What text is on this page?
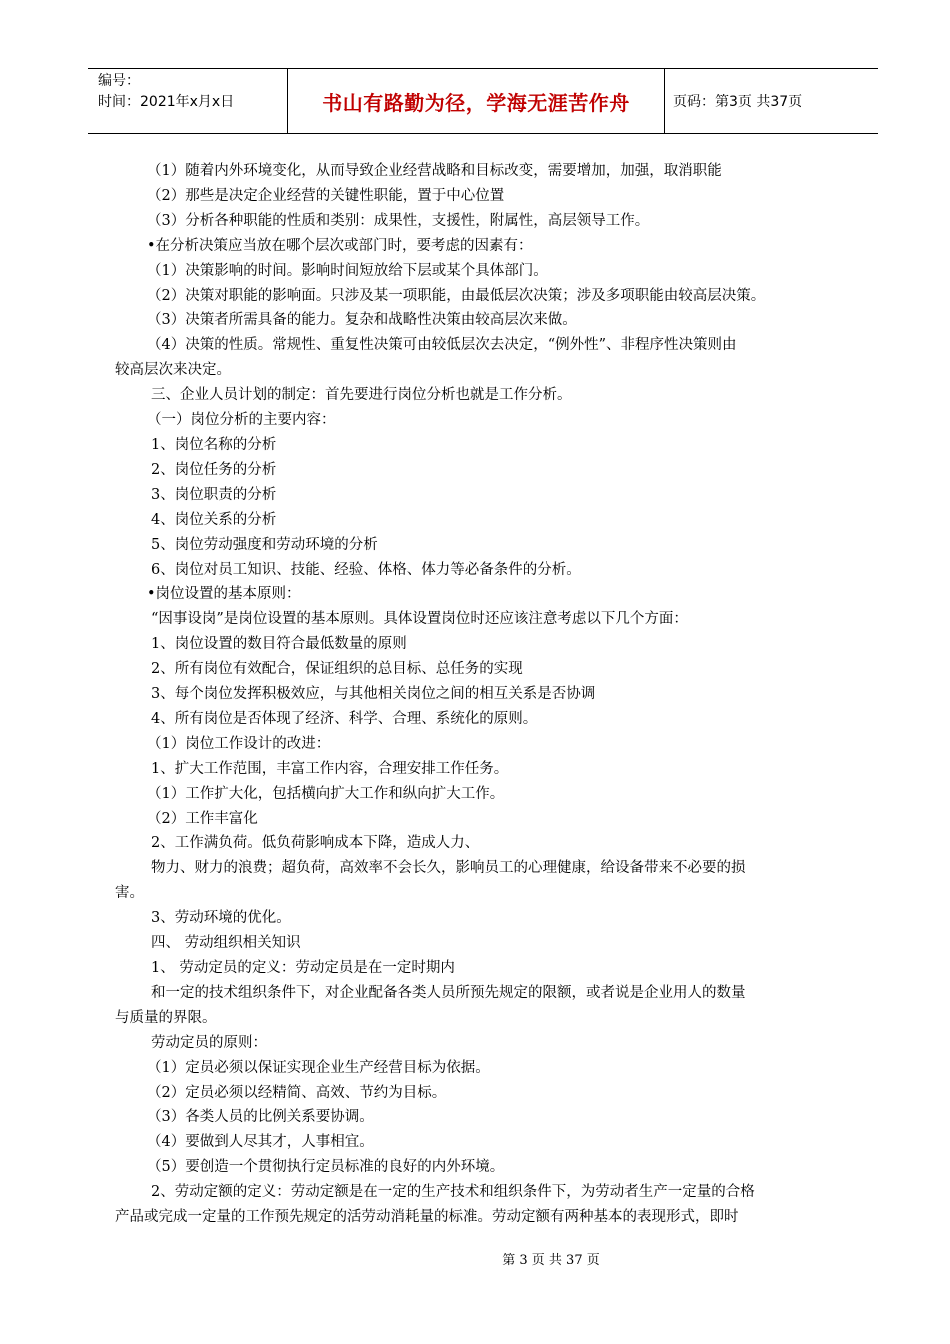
编号：
时间：2021年x月x日	书山有路勤为径，学海无涯苦作舟	页码：第3页 共37页
（1）随着内外环境变化，从而导致企业经营战略和目标改变，需要增加，加强，取消职能
（2）那些是决定企业经营的关键性职能，置于中心位置
（3）分析各种职能的性质和类别：成果性，支援性，附属性，高层领导工作。
•在分析决策应当放在哪个层次或部门时，要考虑的因素有：
（1）决策影响的时间。影响时间短放给下层或某个具体部门。
（2）决策对职能的影响面。只涉及某一项职能，由最低层次决策；涉及多项职能由较高层决策。
（3）决策者所需具备的能力。复杂和战略性决策由较高层次来做。
（4）决策的性质。常规性、重复性决策可由较低层次去决定，“例外性”、非程序性决策则由
较高层次来决定。
三、企业人员计划的制定：首先要进行岗位分析也就是工作分析。
（一）岗位分析的主要内容：
1、岗位名称的分析
2、岗位任务的分析
3、岗位职责的分析
4、岗位关系的分析
5、岗位劳动强度和劳动环境的分析
6、岗位对员工知识、技能、经验、体格、体力等必备条件的分析。
•岗位设置的基本原则：
“因事设岗”是岗位设置的基本原则。具体设置岗位时还应该注意考虑以下几个方面：
1、岗位设置的数目符合最低数量的原则
2、所有岗位有效配合，保证组织的总目标、总任务的实现
3、每个岗位发挥积极效应，与其他相关岗位之间的相互关系是否协调
4、所有岗位是否体现了经济、科学、合理、系统化的原则。
（1）岗位工作设计的改进：
1、扩大工作范围，丰富工作内容，合理安排工作任务。
（1）工作扩大化，包括横向扩大工作和纵向扩大工作。
（2）工作丰富化
2、工作满负荷。低负荷影响成本下降，造成人力、
物力、财力的浪费；超负荷，高效率不会长久，影响员工的心理健康，给设备带来不必要的损
害。
3、劳动环境的优化。
四、 劳动组织相关知识
1、 劳动定员的定义：劳动定员是在一定时期内
和一定的技术组织条件下，对企业配备各类人员所预先规定的限额，或者说是企业用人的数量
与质量的界限。
劳动定员的原则：
（1）定员必须以保证实现企业生产经营目标为依据。
（2）定员必须以经精简、高效、节约为目标。
（3）各类人员的比例关系要协调。
（4）要做到人尽其才，人事相宜。
（5）要创造一个贯彻执行定员标准的良好的内外环境。
2、劳动定额的定义：劳动定额是在一定的生产技术和组织条件下，为劳动者生产一定量的合格
产品或完成一定量的工作预先规定的活劳动消耗量的标准。劳动定额有两种基本的表现形式，即时
第 3 页 共 37 页
